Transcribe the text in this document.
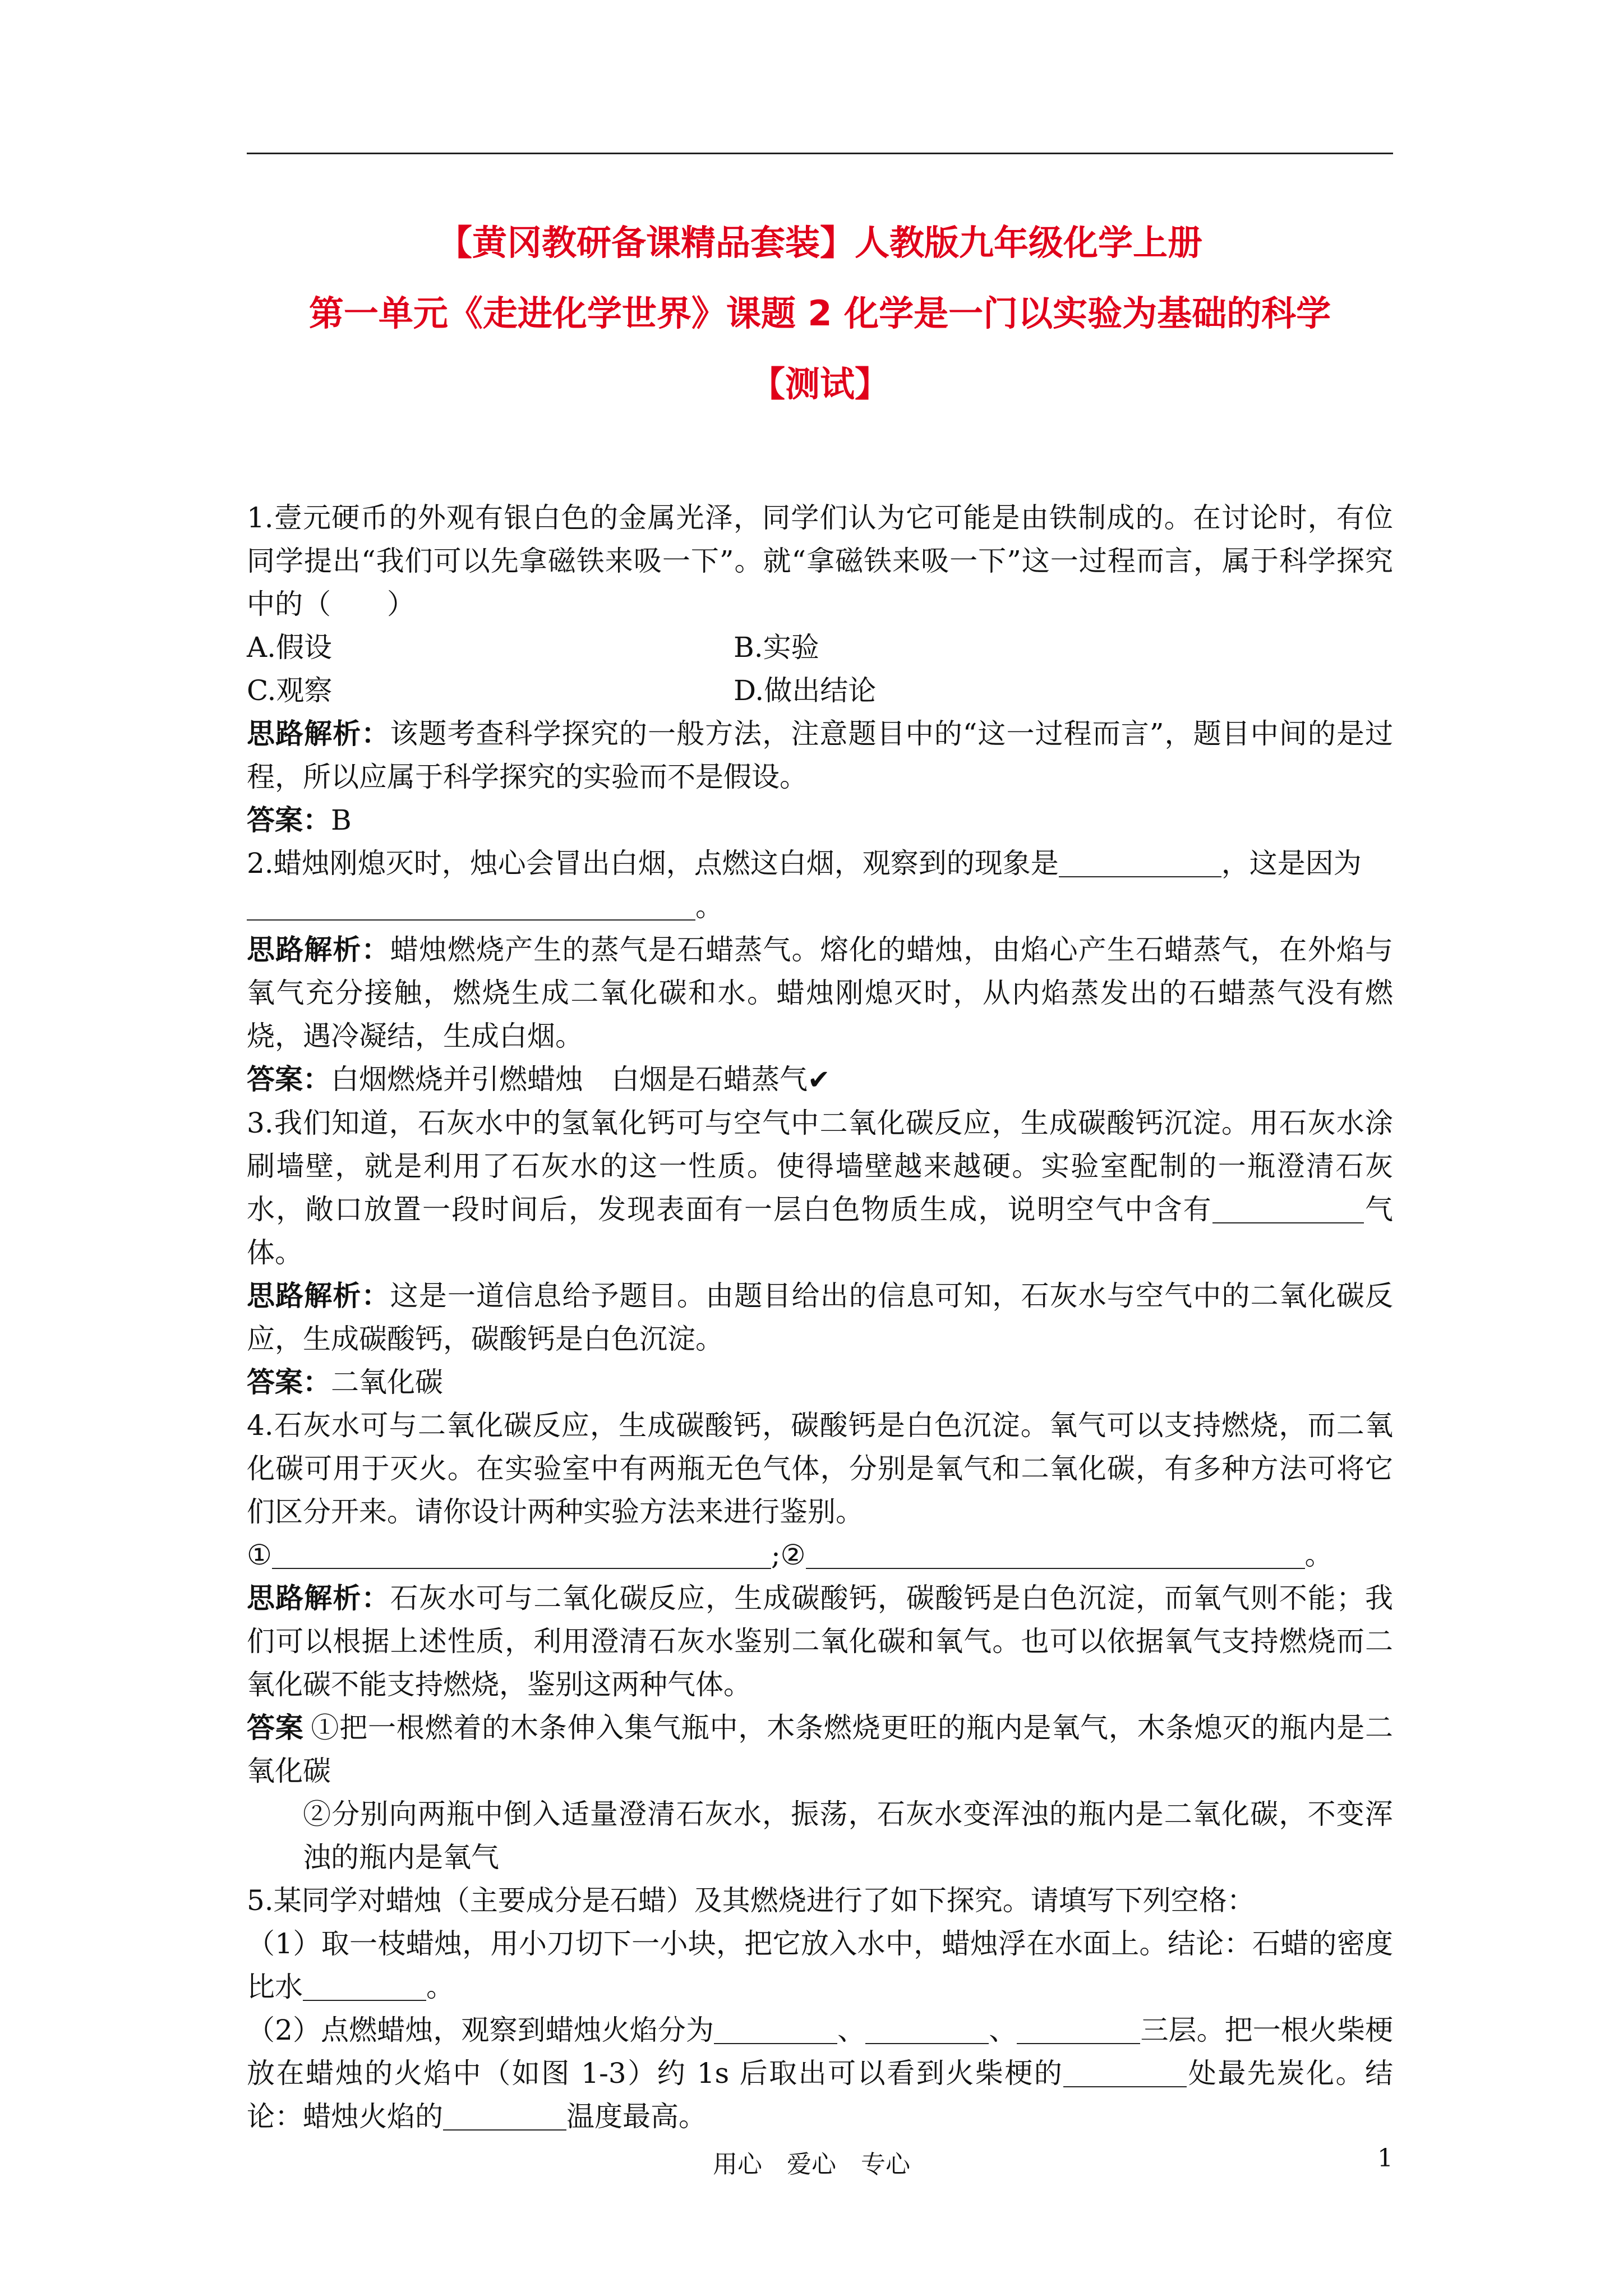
【黄冈教研备课精品套装】人教版九年级化学上册
第一单元《走进化学世界》课题 2 化学是一门以实验为基础的科学
【测试】

1.壹元硬币的外观有银白色的金属光泽，同学们认为它可能是由铁制成的。在讨论时，有位同学提出“我们可以先拿磁铁来吸一下”。就“拿磁铁来吸一下”这一过程而言，属于科学探究中的（　　）

A.假设	B.实验
C.观察	D.做出结论

思路解析：该题考查科学探究的一般方法，注意题目中的“这一过程而言”，题目中间的是过程，所以应属于科学探究的实验而不是假设。

答案：B

2.蜡烛刚熄灭时，烛心会冒出白烟，点燃这白烟，观察到的现象是	，这是因为
。

思路解析：蜡烛燃烧产生的蒸气是石蜡蒸气。熔化的蜡烛，由焰心产生石蜡蒸气，在外焰与氧气充分接触，燃烧生成二氧化碳和水。蜡烛刚熄灭时，从内焰蒸发出的石蜡蒸气没有燃烧，遇冷凝结，生成白烟。

答案：白烟燃烧并引燃蜡烛 白烟是石蜡蒸气✔

3.我们知道，石灰水中的氢氧化钙可与空气中二氧化碳反应，生成碳酸钙沉淀。用石灰水涂刷墙壁，就是利用了石灰水的这一性质。使得墙壁越来越硬。实验室配制的一瓶澄清石灰水，敞口放置一段时间后，发现表面有一层白色物质生成，说明空气中含有	气体。

思路解析：这是一道信息给予题目。由题目给出的信息可知，石灰水与空气中的二氧化碳反应，生成碳酸钙，碳酸钙是白色沉淀。

答案：二氧化碳

4.石灰水可与二氧化碳反应，生成碳酸钙，碳酸钙是白色沉淀。氧气可以支持燃烧，而二氧化碳可用于灭火。在实验室中有两瓶无色气体，分别是氧气和二氧化碳，有多种方法可将它们区分开来。请你设计两种实验方法来进行鉴别。

①	;②	。

思路解析：石灰水可与二氧化碳反应，生成碳酸钙，碳酸钙是白色沉淀，而氧气则不能；我们可以根据上述性质，利用澄清石灰水鉴别二氧化碳和氧气。也可以依据氧气支持燃烧而二氧化碳不能支持燃烧，鉴别这两种气体。

答案 ①把一根燃着的木条伸入集气瓶中，木条燃烧更旺的瓶内是氧气，木条熄灭的瓶内是二氧化碳

②分别向两瓶中倒入适量澄清石灰水，振荡，石灰水变浑浊的瓶内是二氧化碳，不变浑浊的瓶内是氧气

5.某同学对蜡烛（主要成分是石蜡）及其燃烧进行了如下探究。请填写下列空格：

（1）取一枝蜡烛，用小刀切下一小块，把它放入水中，蜡烛浮在水面上。结论：石蜡的密度比水	。

（2）点燃蜡烛，观察到蜡烛火焰分为	、	、	三层。把一根火柴梗放在蜡烛的火焰中（如图 1-3）约 1s 后取出可以看到火柴梗的	处最先炭化。结论：蜡烛火焰的	温度最高。

用心　爱心　专心	1
